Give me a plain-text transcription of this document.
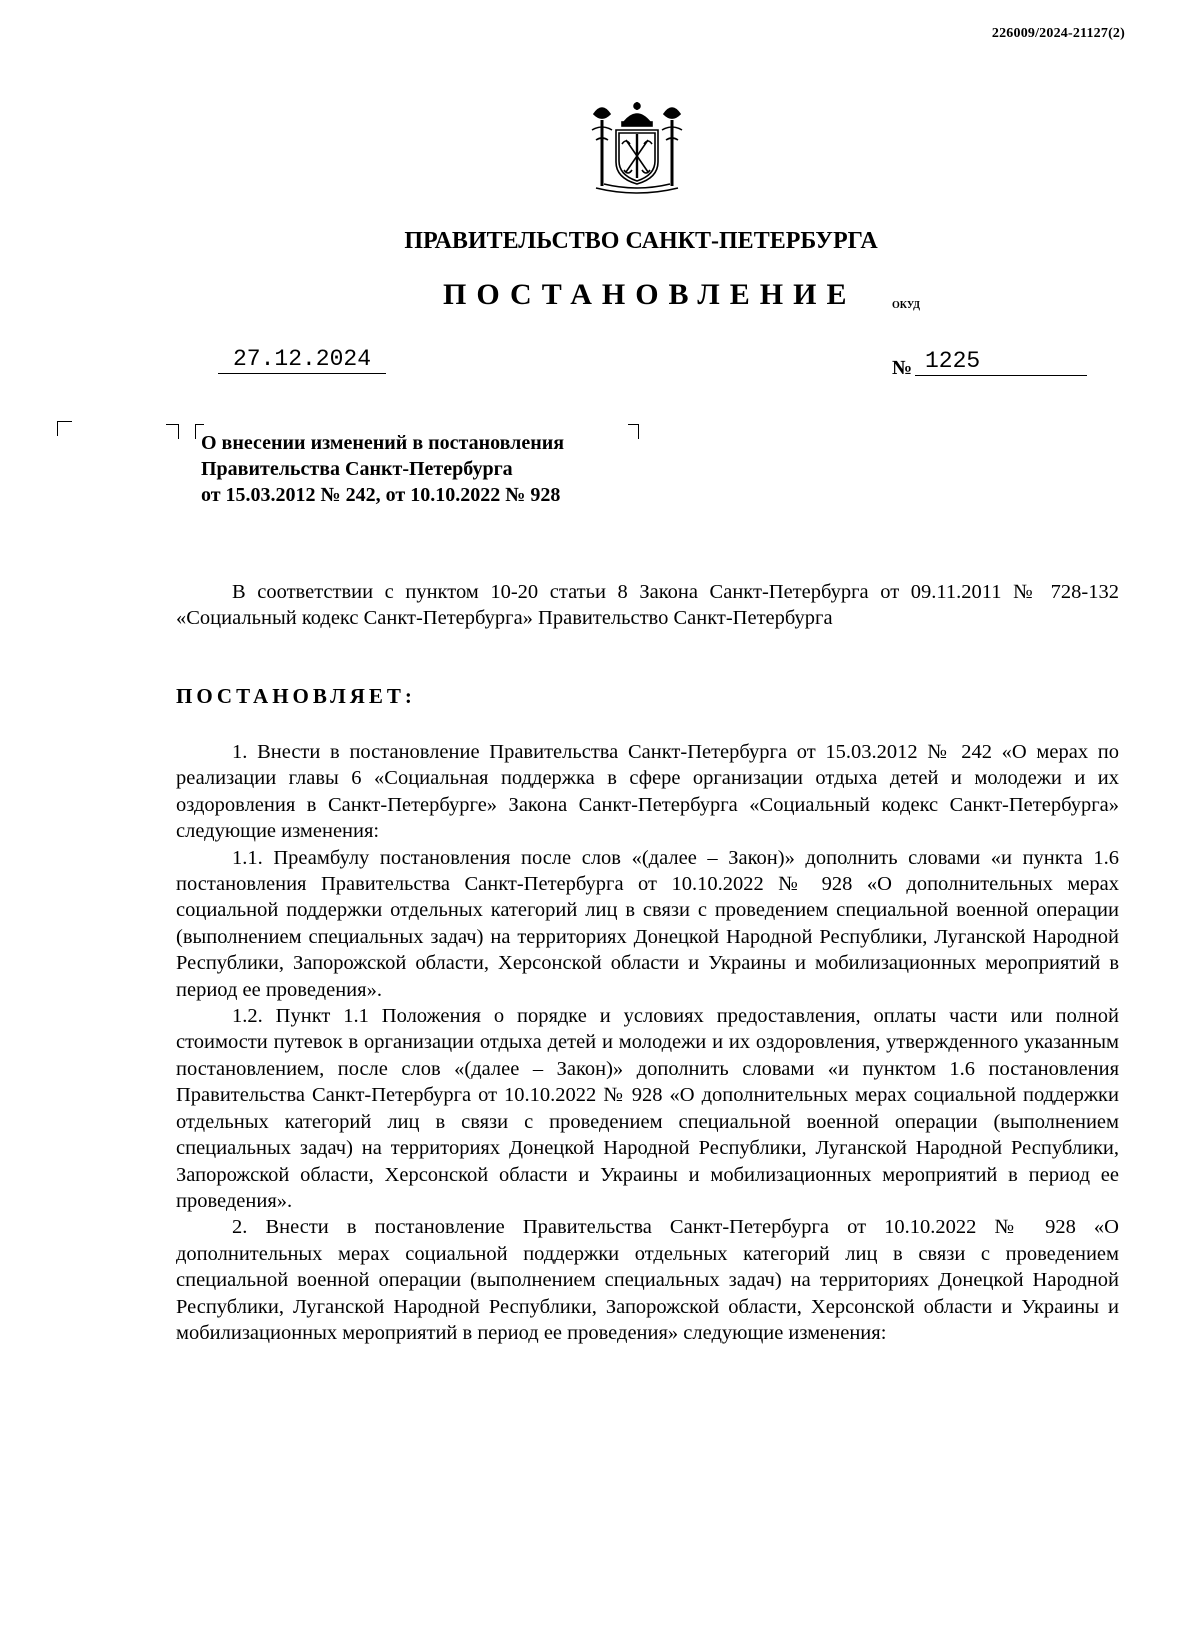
226009/2024-21127(2)
ПРАВИТЕЛЬСТВО САНКТ-ПЕТЕРБУРГА
ПОСТАНОВЛЕНИЕ	ОКУД
27.12.2024	№ 1225
О внесении изменений в постановления
Правительства Санкт-Петербурга
от 15.03.2012 № 242, от 10.10.2022 № 928
В соответствии с пунктом 10-20 статьи 8 Закона Санкт-Петербурга от 09.11.2011 № 728-132 «Социальный кодекс Санкт-Петербурга» Правительство Санкт-Петербурга
ПОСТАНОВЛЯЕТ:

1. Внести в постановление Правительства Санкт-Петербурга от 15.03.2012 № 242 «О мерах по реализации главы 6 «Социальная поддержка в сфере организации отдыха детей и молодежи и их оздоровления в Санкт-Петербурге» Закона Санкт-Петербурга «Социальный кодекс Санкт-Петербурга» следующие изменения:

1.1. Преамбулу постановления после слов «(далее – Закон)» дополнить словами «и пункта 1.6 постановления Правительства Санкт-Петербурга от 10.10.2022 № 928 «О дополнительных мерах социальной поддержки отдельных категорий лиц в связи с проведением специальной военной операции (выполнением специальных задач) на территориях Донецкой Народной Республики, Луганской Народной Республики, Запорожской области, Херсонской области и Украины и мобилизационных мероприятий в период ее проведения».

1.2. Пункт 1.1 Положения о порядке и условиях предоставления, оплаты части или полной стоимости путевок в организации отдыха детей и молодежи и их оздоровления, утвержденного указанным постановлением, после слов «(далее – Закон)» дополнить словами «и пунктом 1.6 постановления Правительства Санкт-Петербурга от 10.10.2022 № 928 «О дополнительных мерах социальной поддержки отдельных категорий лиц в связи с проведением специальной военной операции (выполнением специальных задач) на территориях Донецкой Народной Республики, Луганской Народной Республики, Запорожской области, Херсонской области и Украины и мобилизационных мероприятий в период ее проведения».

2. Внести в постановление Правительства Санкт-Петербурга от 10.10.2022 № 928 «О дополнительных мерах социальной поддержки отдельных категорий лиц в связи с проведением специальной военной операции (выполнением специальных задач) на территориях Донецкой Народной Республики, Луганской Народной Республики, Запорожской области, Херсонской области и Украины и мобилизационных мероприятий в период ее проведения» следующие изменения:
